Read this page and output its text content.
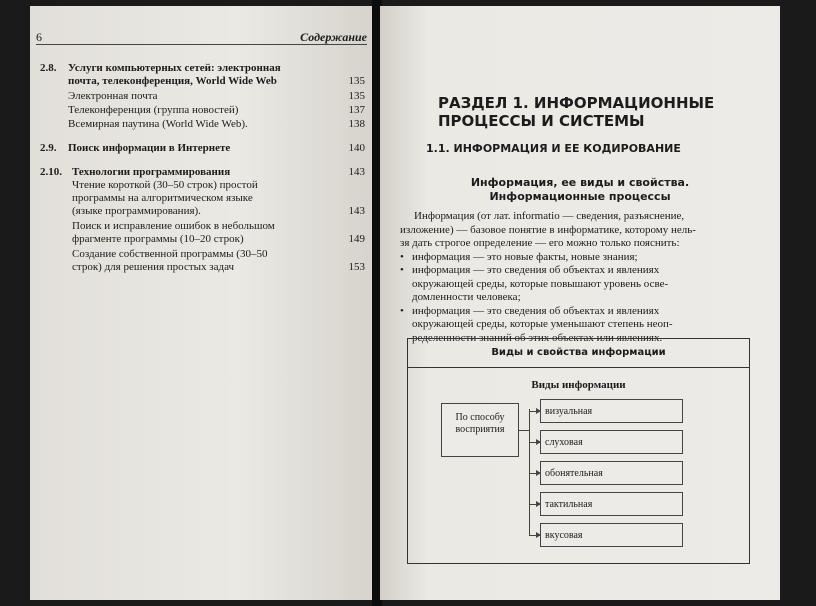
6	Содержание
2.8.	Услуги компьютерных сетей: электронная
почта, телеконференция, World Wide Web	135
Электронная почта	135
Телеконференция (группа новостей)	137
Всемирная паутина (World Wide Web).	138
2.9.	Поиск информации в Интернете	140
2.10. Технологии программирования	143
Чтение короткой (30–50 строк) простой
программы на алгоритмическом языке
(языке программирования).	143
Поиск и исправление ошибок в небольшом
фрагменте программы (10–20 строк)	149
Создание собственной программы (30–50
строк) для решения простых задач	153
РАЗДЕЛ 1. ИНФОРМАЦИОННЫЕ
ПРОЦЕССЫ И СИСТЕМЫ
1.1. ИНФОРМАЦИЯ И ЕЕ КОДИРОВАНИЕ
Информация, ее виды и свойства.
Информационные процессы
Информация (от лат. informatio — сведения, разъяснение,
изложение) — базовое понятие в информатике, которому нель-
зя дать строгое определение — его можно только пояснить:
• информация — это новые факты, новые знания;
• информация — это сведения об объектах и явлениях
окружающей среды, которые повышают уровень осве-
домленности человека;
• информация — это сведения об объектах и явлениях
окружающей среды, которые уменьшают степень неоп-
ределенности знаний об этих объектах или явлениях.
Виды и свойства информации
Виды информации
По способу
восприятия
визуальная
слуховая
обонятельная
тактильная
вкусовая
